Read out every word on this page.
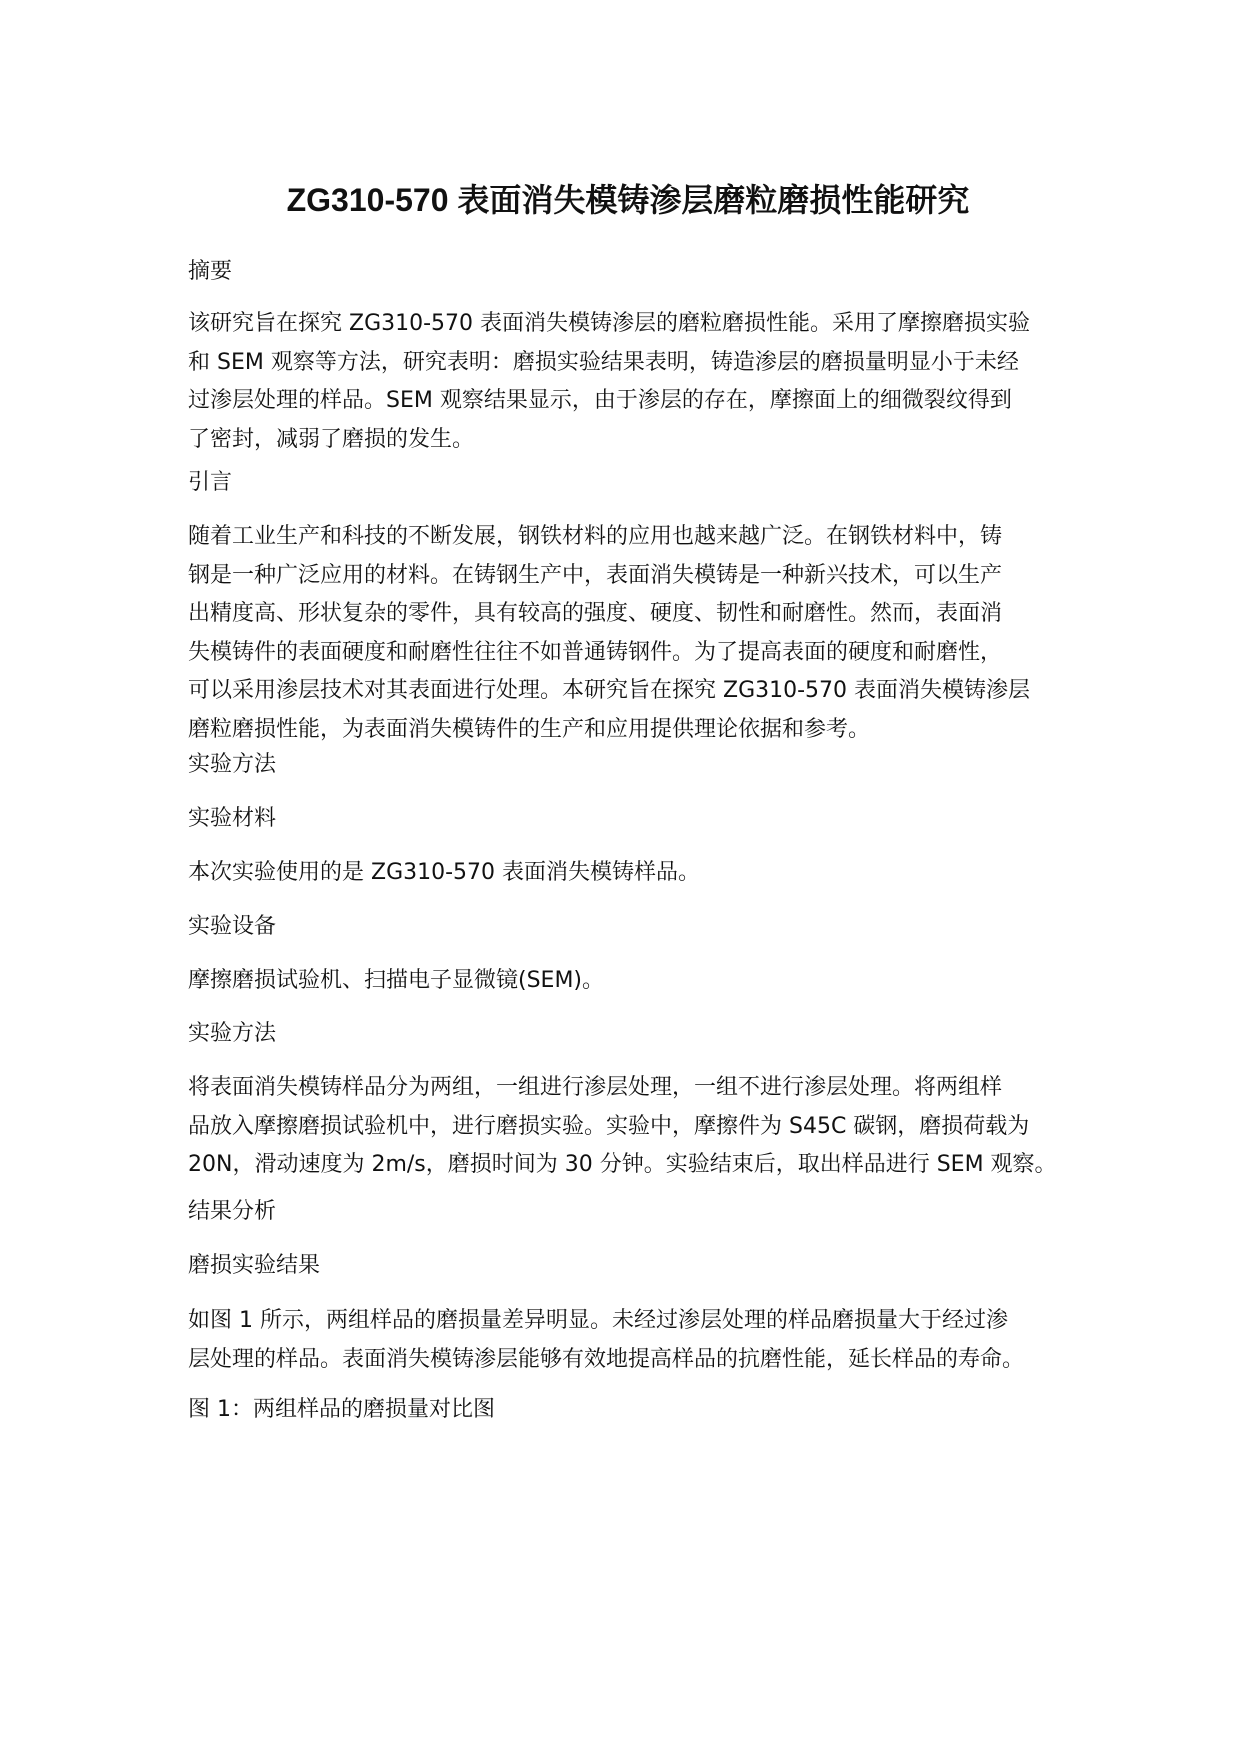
ZG310-570 表面消失模铸渗层磨粒磨损性能研究

摘要

该研究旨在探究 ZG310-570 表面消失模铸渗层的磨粒磨损性能。采用了摩擦磨损实验
和 SEM 观察等方法，研究表明：磨损实验结果表明，铸造渗层的磨损量明显小于未经
过渗层处理的样品。SEM 观察结果显示，由于渗层的存在，摩擦面上的细微裂纹得到
了密封，减弱了磨损的发生。

引言

随着工业生产和科技的不断发展，钢铁材料的应用也越来越广泛。在钢铁材料中，铸
钢是一种广泛应用的材料。在铸钢生产中，表面消失模铸是一种新兴技术，可以生产
出精度高、形状复杂的零件，具有较高的强度、硬度、韧性和耐磨性。然而，表面消
失模铸件的表面硬度和耐磨性往往不如普通铸钢件。为了提高表面的硬度和耐磨性，
可以采用渗层技术对其表面进行处理。本研究旨在探究 ZG310-570 表面消失模铸渗层
磨粒磨损性能，为表面消失模铸件的生产和应用提供理论依据和参考。

实验方法

实验材料

本次实验使用的是 ZG310-570 表面消失模铸样品。

实验设备

摩擦磨损试验机、扫描电子显微镜(SEM)。

实验方法

将表面消失模铸样品分为两组，一组进行渗层处理，一组不进行渗层处理。将两组样
品放入摩擦磨损试验机中，进行磨损实验。实验中，摩擦件为 S45C 碳钢，磨损荷载为
20N，滑动速度为 2m/s，磨损时间为 30 分钟。实验结束后，取出样品进行 SEM 观察。

结果分析

磨损实验结果

如图 1 所示，两组样品的磨损量差异明显。未经过渗层处理的样品磨损量大于经过渗
层处理的样品。表面消失模铸渗层能够有效地提高样品的抗磨性能，延长样品的寿命。

图 1：两组样品的磨损量对比图
